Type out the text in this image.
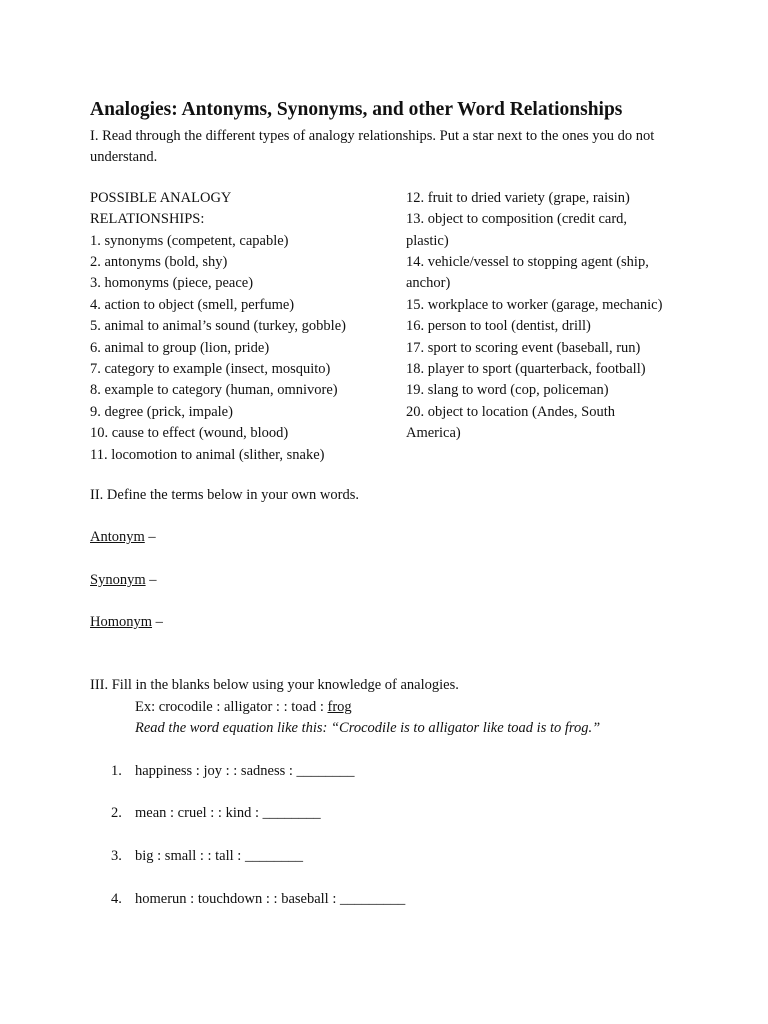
Analogies: Antonyms, Synonyms, and other Word Relationships

I. Read through the different types of analogy relationships. Put a star next to the ones you do not understand.

POSSIBLE ANALOGY
RELATIONSHIPS:
1. synonyms (competent, capable)
2. antonyms (bold, shy)
3. homonyms (piece, peace)
4. action to object (smell, perfume)
5. animal to animal’s sound (turkey, gobble)
6. animal to group (lion, pride)
7. category to example (insect, mosquito)
8. example to category (human, omnivore)
9. degree (prick, impale)
10. cause to effect (wound, blood)
11. locomotion to animal (slither, snake)
12. fruit to dried variety (grape, raisin)
13. object to composition (credit card,
plastic)
14. vehicle/vessel to stopping agent (ship,
anchor)
15. workplace to worker (garage, mechanic)
16. person to tool (dentist, drill)
17. sport to scoring event (baseball, run)
18. player to sport (quarterback, football)
19. slang to word (cop, policeman)
20. object to location (Andes, South
America)

II. Define the terms below in your own words.

Antonym –

Synonym –

Homonym –

III. Fill in the blanks below using your knowledge of analogies.

Ex: crocodile : alligator : : toad : frog

Read the word equation like this: “Crocodile is to alligator like toad is to frog.”

1. happiness : joy : : sadness : ________
2. mean : cruel : : kind : ________
3. big : small : : tall : ________
4. homerun : touchdown : : baseball : _________
